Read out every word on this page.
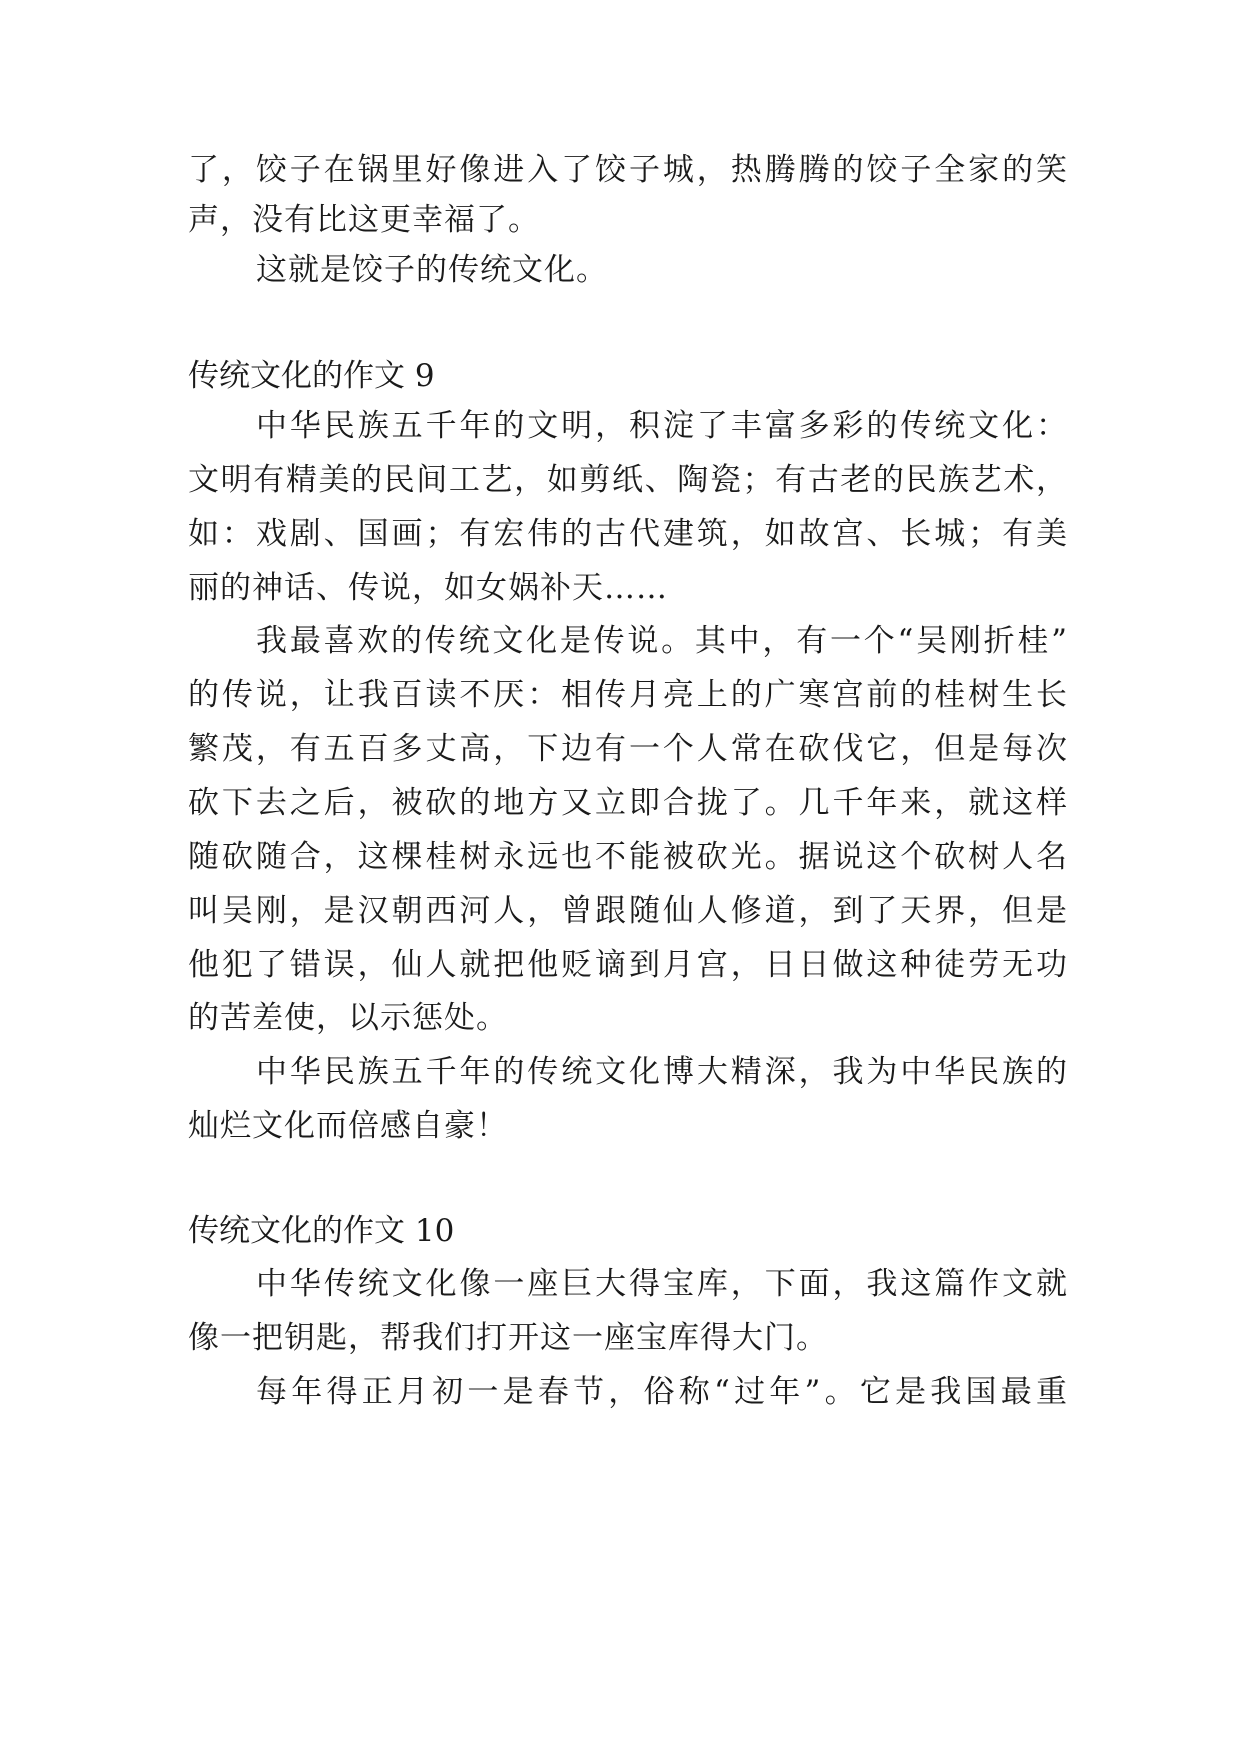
了，饺子在锅里好像进入了饺子城，热腾腾的饺子全家的笑
声，没有比这更幸福了。
这就是饺子的传统文化。
传统文化的作文 9
中华民族五千年的文明，积淀了丰富多彩的传统文化：
文明有精美的民间工艺，如剪纸、陶瓷；有古老的民族艺术，
如：戏剧、国画；有宏伟的古代建筑，如故宫、长城；有美
丽的神话、传说，如女娲补天……
我最喜欢的传统文化是传说。其中，有一个“吴刚折桂”
的传说，让我百读不厌：相传月亮上的广寒宫前的桂树生长
繁茂，有五百多丈高，下边有一个人常在砍伐它，但是每次
砍下去之后，被砍的地方又立即合拢了。几千年来，就这样
随砍随合，这棵桂树永远也不能被砍光。据说这个砍树人名
叫吴刚，是汉朝西河人，曾跟随仙人修道，到了天界，但是
他犯了错误，仙人就把他贬谪到月宫，日日做这种徒劳无功
的苦差使，以示惩处。
中华民族五千年的传统文化博大精深，我为中华民族的
灿烂文化而倍感自豪！
传统文化的作文 10
中华传统文化像一座巨大得宝库，下面，我这篇作文就
像一把钥匙，帮我们打开这一座宝库得大门。
每年得正月初一是春节，俗称“过年”。它是我国最重
